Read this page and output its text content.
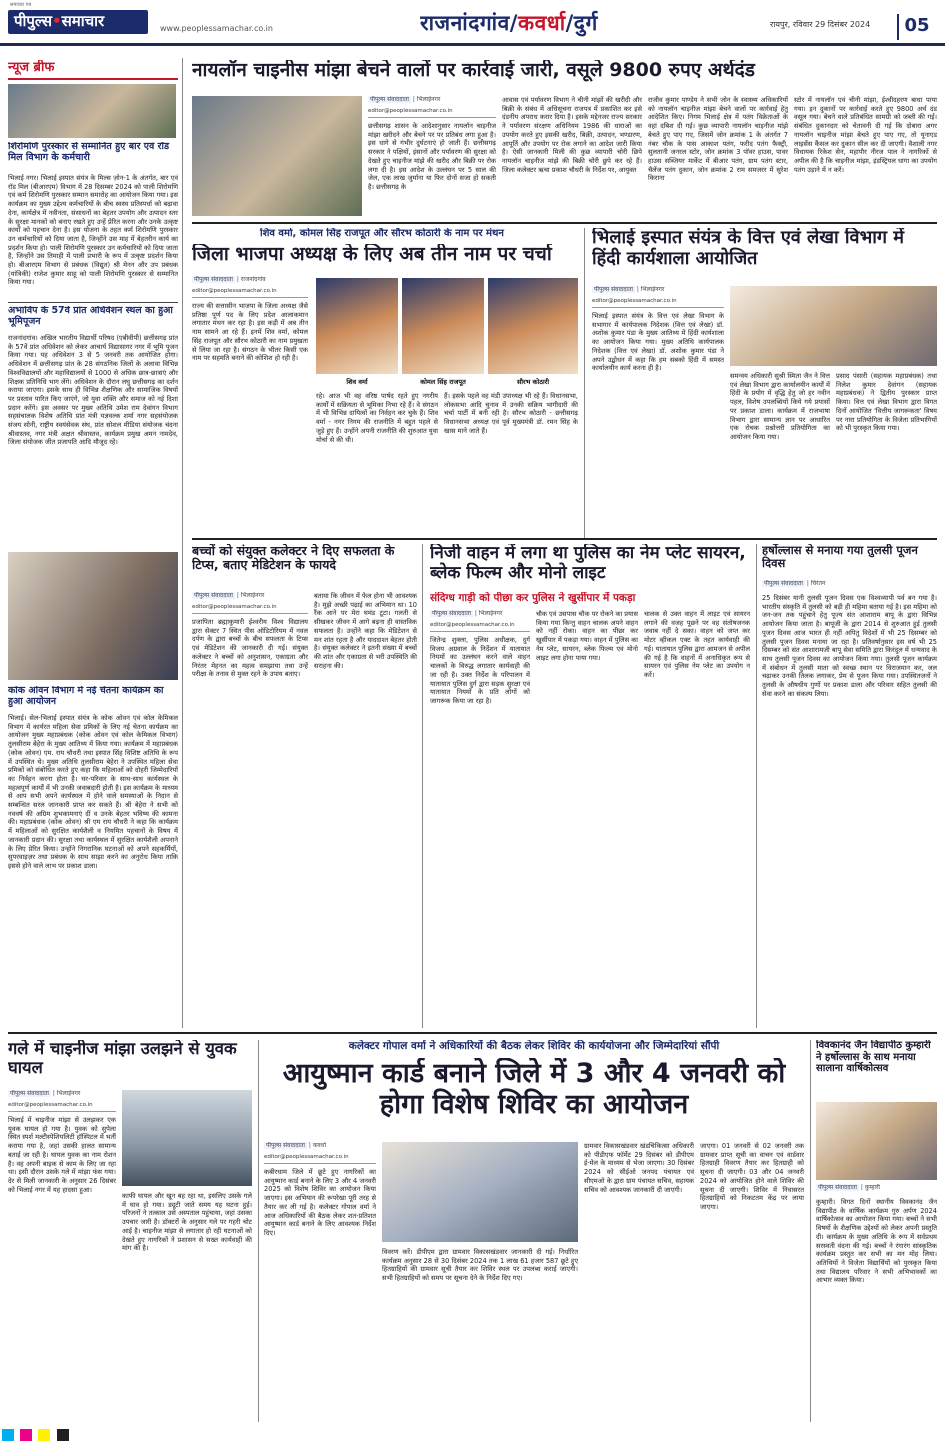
समाचार पत्र
पीपुल्स•समाचार	www.peoplessamachar.co.in	राजनांदगांव/कवर्धा/दुर्ग	रायपुर, रविवार 29 दिसंबर 2024	05
न्यूज ब्रीफ
शिरोमणि पुरस्कार से सम्मानित हुए बार एवं रॉड मिल विभाग के कर्मचारी
भिलाई नगर। भिलाई इस्पात संयंत्र के मिल्स ज़ोन-1 के अंतर्गत, बार एवं रॉड मिल (बीआरएम) विभाग में 28 दिसम्बर 2024 को पाली शिरोमणि एवं कर्म शिरोमणि पुरस्कार सम्मान समारोह का आयोजन किया गया। इस कार्यक्रम का मुख्य उद्देश्य कर्मचारियों के बीच स्वस्थ प्रतिस्पर्धा को बढ़ावा देना, कार्यक्षेत्र में नवीनता, संसाधनों का बेहतर उपयोग और उत्पादन स्तर के सुरक्षा मानकों को बनाए रखते हुए उन्हें प्रेरित करना और उनके उत्कृष्ट कार्यों को पहचान देना है। इस योजना के तहत कर्म शिरोमणि पुरस्कार उन कर्मचारियों को दिया जाता है, जिन्होंने उस माह में बेहतरीन कार्य का प्रदर्शन किया हो। पाली शिरोमणि पुरस्कार उन कर्मचारियों को दिया जाता है, जिन्होंने उस तिमाही में पाली प्रभारी के रूप में उत्कृष्ट प्रदर्शन किया हो। बीआरएम विभाग से प्रबंधक (विद्युत) श्री मेनन और उप प्रबंधक (यांत्रिकी) राजेश कुमार साहू को पाली शिरोमणि पुरस्कार से सम्मानित किया गया।
अभाविप के 57वें प्रांत अधिवेशन स्थल का हुआ भूमिपूजन
राजनांदगांव। अखिल भारतीय विद्यार्थी परिषद (एबीवीपी) छत्तीसगढ़ प्रांत के 57वें प्रांत अधिवेशन को लेकर आचार्य विद्यासागर नगर में भूमि पूजन किया गया। यह अधिवेशन 3 से 5 जनवरी तक आयोजित होगा। अधिवेशन में छत्तीसगढ़ प्रांत के 28 संगठनिक जिलों के अलावा विभिन्न विश्वविद्यालयों और महाविद्यालयों से 1000 से अधिक छात्र-छात्राएं और शिक्षक प्रतिनिधि भाग लेंगे। अधिवेशन के दौरान लघु छत्तीसगढ़ का दर्शन कराया जाएगा। इसके साथ ही विभिन्न शैक्षणिक और सामाजिक विषयों पर प्रस्ताव पारित किए जाएंगे, जो युवा शक्ति और समाज को नई दिशा प्रदान करेंगे। इस अवसर पर मुख्य अतिथि उमेश राम देवांगन विभाग सहसंचालक विशेष अतिथि प्रांत मंत्री यज्ञवल्क शर्मा नगर सहसंयोजक संजय सोनी, राष्ट्रीय स्वयंसेवक संघ, प्रांत सोशल मीडिया संयोजक चंदना श्रीवास्तव, नगर मंत्री अक्षत श्रीवास्तव, कार्यक्रम प्रमुख अमन नामदेव, जिला संयोजक जीत प्रजापति आदि मौजूद रहे।
कोक ओवन विभाग में नई चेतना कार्यक्रम का हुआ आयोजन
भिलाई। सेल-भिलाई इस्पात संयंत्र के कोक ओवन एवं कोल केमिकल विभाग में कार्यरत महिला सेवा प्रमिकों के लिए नई चेतना कार्यक्रम का आयोजन मुख्य महाप्रबंधक (कोक ओवन एवं कोल केमिकल विभाग) तुलसीराम बेहेरा के मुख्य आतिथ्य में किया गया। कार्यक्रम में महाप्रबंधक (कोक ओवन) एम. राय चौधरी तथा इस्पात सिंह विशिष्ट अतिथि के रूप में उपस्थित थे। मुख्य अतिथि तुलसीराम बेहेरा ने उपस्थित महिला सेवा प्रमिकों को संबोधित करते हुए कहा कि महिलाओं को दोहरी जिम्मेदारियों का निर्वहन करना होता है। घर-परिवार के साथ-साथ कार्यस्थल के महत्वपूर्ण कार्यों में भी उनकी जवाबदारी होती है। इस कार्यक्रम के माध्यम से आप सभी अपने कार्यस्थल में होने वाले समस्याओं के निदान से सम्बन्धित सरल जानकारी प्राप्त कर सकते हैं। श्री बेहेरा ने सभी को नववर्ष की अग्रिम शुभकामनाएं दीं व उनके बेहतर भविष्य की कामना की। महाप्रबंधक (कोक ओवन) श्री एम राय चौधरी ने कहा कि कार्यक्रम में महिलाओं को सुरक्षित कार्यशैली व नियमित पहचानों के विषय में जानकारी प्रदान की। सुरक्षा तथा कार्यस्थल में सुरक्षित कार्यशैली अपनाने के लिए प्रेरित किया। उन्होंने निगरानिक घटनाओं को अपने सहकर्मियों, सुपरवाइज़र तथा प्रबंधक के साथ साझा करने का अनुरोध किया ताकि इससे होने वाले लाभ पर प्रकाश डाला।
नायलॉन चाइनीस मांझा बेचने वालों पर कार्रवाई जारी, वसूले 9800 रुपए अर्थदंड
पीपुल्स संवाददाता | भिलाईनगर
editor@peoplessamachar.co.in
छत्तीसगढ़ शासन के आदेशानुसार नायलॉन चाइनीज मांझा खरीदने और बेचने पर पर प्रतिबंध लगा हुआ है। इस धागे से गंभीर दुर्घटनाएं हो जाती हैं। छत्तीसगढ़ सरकार ने पक्षियों, इंसानों और पर्यावरण की सुरक्षा को देखते हुए चाइनीज मांझे की खरीद और बिक्री पर रोक लगा दी है। इस आदेश के उल्लंघन पर 5 साल की जेल, एक लाख जुर्माना या फिर दोनों सजा हो सकती है। छत्तीसगढ़ के
आवास एवं पर्यावरण विभाग ने चीनी मांझों की खरीदी और बिक्री के संबंध में अधिसूचना राजपत्र में प्रकाशित कर इसे दंडनीय अपराध करार दिया है। इसके मद्देनजर राज्य सरकार ने पर्यावरण संरक्षण अधिनियम 1986 की धाराओं का उपयोग करते हुए इसकी खरीद, बिक्री, उत्पादन, भण्डारण, आपूर्ति और उपयोग पर रोक लगाने का आदेश जारी किया है। ऐसी जानकारी मिली की कुछ व्यापारी चोरी छिपे नायलॉन चाइनीज मांझे की बिक्री चोरी छुपे कर रहे हैं। जिला कलेक्टर ऋचा प्रकाश चौधरी के निर्देश पर, आयुक्त
राजीव कुमार पाण्डेय ने सभी जोन के स्वास्थ्य अधिकारियों को नायलॉन चाइनीज मांझा बेचने वालों पर कार्रवाई हेतु आदेशित किए। निगम भिलाई क्षेत्र में पतंग विक्रेताओं के वहां दबिश दी गई। कुछ व्यापारी नायलॉन चाइनीज मांझे बेचते हुए पाए गए, जिसमें जोन क्रमांक 1 के अंतर्गत 7 नंबर चौक के पास आकाश पतंग, फरीद पतंग फैक्ट्री, सुलतानी जनरल स्टोर, जोन क्रमांक 3 पॉवर हाउस, पावर हाउस सब्जियर मार्केट में बीआर पतंग, ग्राम पतंग स्टार, चैलेंज पतंग दुकान, जोन क्रमांक 2 राम समजरर में सुरेश किराना
स्टोर में नायलॉन एवं चीनी मांझा, ईश्वीदहरण बाधा पाया गया। इन दुकानों पर कार्रवाई करते हुए 9800 अर्थ दंड वसूल गया। बेचने वाले प्रतिबंधित सामग्री को जब्ती की गई। संबंधित दुकानदार को चेतावनी दी गई कि दोबारा अगर नायलॉन चाइनीज मांझा बेचते हुए पाए गए, तो यूनाएड लाइसेंस कैंसल कर दुकान सील कर दी जाएगी। वैशाली नगर विधायक रिकेश सेन, महापौर नीरज पाल ने नागरिकों से अपील की है कि चाइनीज मांझा, इंडस्ट्रियल धागा का उपयोग पतंग उड़ाने में न करें।
शिव वर्मा, कोमल सिंह राजपूत और सौरभ कोठारी के नाम पर मंथन
जिला भाजपा अध्यक्ष के लिए अब तीन नाम पर चर्चा
पीपुल्स संवाददाता | राजनांदगांव
editor@peoplessamachar.co.in
राज्य की सत्तासीन भाजपा के जिला अध्यक्ष जैसे प्रतिष्ठा पूर्ण पद के लिए प्रदेश आलाकमान लगातार मंथन कर रहा है। इस कड़ी में अब तीन नाम सामने आ रहे हैं। इनमें शिव वर्मा, कोमल सिंह राजपूत और सौरभ कोठारी का नाम प्रमुखता से लिया जा रहा है। संगठन के भीतर किसी एक नाम पर सहमति बनाने की कोशिश हो रही है।
शिव वर्मा	कोमल सिंह राजपूत	सौरभ कोठारी
रहे। आज भी वह वरिष्ठ पार्षद रहते हुए नगरीय कार्यों में सक्रियता से भूमिका निभा रहे हैं। वे संगठन में भी विभिन्न दायित्वों का निर्वहन कर चुके हैं। शिव वर्मा - नगर निगम की राजनीति में बहुत पहले से जुड़े हुए हैं। उन्होंने अपनी राजनीति की शुरुआत युवा मोर्चा से की थी।
हैं। इसके पहले वह मंडी उपाध्यक्ष भी रहे हैं। विधानसभा, लोकसभा आदि चुनाव में उनकी सक्रिय भागीदारी की चर्चा पार्टी में बनी रही है। सौरभ कोठारी - छत्तीसगढ़ विधानसभा अध्यक्ष एवं पूर्व मुख्यमंत्री डॉ. रमन सिंह के खास माने जाते हैं।
भिलाई इस्पात संयंत्र के वित्त एवं लेखा विभाग में हिंदी कार्यशाला आयोजित
पीपुल्स संवाददाता | भिलाईनगर
editor@peoplessamachar.co.in
भिलाई इस्पात संयंत्र के वित्त एवं लेखा विभाग के सभागार में कार्यपालक निदेशक (वित्त एवं लेखा) डॉ. अशोक कुमार पंडा के मुख्य आतिथ्य में हिंदी कार्यशाला का आयोजन किया गया। मुख्य अतिथि कार्यपालक निदेशक (वित्त एवं लेखा) डॉ. अशोक कुमार पंडा ने अपने उद्बोधन में कहा कि हम सबको हिंदी में समस्त कार्यालयीन कार्य करना ही है।
समन्वय अधिकारी सुश्री स्मिता जैन ने वित्त एवं लेखा विभाग द्वारा कार्यालयीन कार्यों में हिंदी के प्रयोग में वृद्धि हेतु जो हर नवीन पहल, विशेष उपलब्धियों किये गये प्रयासों पर प्रकाश डाला। कार्यक्रम में राजभाषा विभाग द्वारा सामान्य ज्ञान पर आधारित एक रोचक प्रश्नोत्तरी प्रतियोगिता का आयोजन किया गया।
प्रसाद पंसारी (सहायक महाप्रबंधक) तथा निलेश कुमार देवांगन (सहायक महाप्रबंधक) ने द्वितीय पुरस्कार प्राप्त किया। वित्त एवं लेखा विभाग द्वारा विगत दिनों आयोजित 'वित्तीय जागरूकता' विषय पर नारा प्रतियोगिता के विजेता प्रतिभागियों को भी पुरस्कृत किया गया।
बच्चों को संयुक्त कलेक्टर ने दिए सफलता के टिप्स, बताए मेडिटेशन के फायदे
पीपुल्स संवाददाता | भिलाईनगर
editor@peoplessamachar.co.in
प्रजापिता ब्रह्माकुमारी ईश्वरीय विश्व विद्यालय द्वारा सेक्टर 7 स्थित पीस ऑडिटोरियम में नवल दर्पण के द्वारा बच्चों के बीच सफलता के टिप्स एवं मेडिटेशन की जानकारी दी गई। संयुक्त कलेक्टर ने बच्चों को अनुशासन, एकाग्रता और निरंतर मेहनत का महत्व समझाया तथा उन्हें परीक्षा के तनाव से मुक्त रहने के उपाय बताए।
बताया कि जीवन में फेल होना भी आवश्यक है। मुझे अच्छी पढ़ाई का अभिमान था। 10 रैंक आने पर मेरा घमंड टूटा। गलती से सीखकर जीवन में आगे बढ़ना ही वास्तविक सफलता है। उन्होंने कहा कि मेडिटेशन से मन शांत रहता है और याददाश्त बेहतर होती है। संयुक्त कलेक्टर ने इतनी संख्या में बच्चों की शांत और एकाग्रता से भरी उपस्थिति की सराहना की।
निजी वाहन में लगा था पुलिस का नेम प्लेट सायरन, ब्लेक फिल्म और मोनो लाइट
संदिग्ध गाड़ी को पीछा कर पुलिस ने खुर्सीपार में पकड़ा
पीपुल्स संवाददाता | भिलाईनगर
editor@peoplessamachar.co.in
जितेन्द्र शुक्ला, पुलिस अधीक्षक, दुर्ग विजय अग्रवाल के निर्देशन में यातायात नियमों का उल्लंघन करने वाले वाहन चालकों के विरुद्ध लगातार कार्यवाही की जा रही है। उक्त निर्देश के परिपालन में यातायात पुलिस दुर्ग द्वारा सड़क सुरक्षा एवं यातायात नियमों के प्रति लोगों को जागरूक किया जा रहा है।
चौक एवं उसपास चौक पर रोकने का प्रयास किया गया किन्तु वाहन चालक अपने वाहन को नहीं रोका। वाहन का पीछा कर खुर्सीपार में पकड़ा गया। वाहन में पुलिस का नेम प्लेट, सायरन, ब्लेक फिल्म एवं मोनो लाइट लगा होना पाया गया।
चालक से उक्त वाहन में लाइट एवं सायरन लगाने की वजह पूछने पर वह संतोषजनक जवाब नहीं दे सका। वाहन को जप्त कर मोटर व्हीकल एक्ट के तहत कार्यवाही की गई। यातायात पुलिस द्वारा आमजन से अपील की गई है कि वाहनों में अनाधिकृत रूप से सायरन एवं पुलिस नेम प्लेट का उपयोग न करें।
हर्षोल्लास से मनाया गया तुलसी पूजन दिवस
पीपुल्स संवाददाता | चिरंतन
25 दिसंबर यानी तुलसी पूजन दिवस एक विश्वव्यापी पर्व बन गया है। भारतीय संस्कृति में तुलसी को बड़ी ही महिमा बताया गई है। इस महिमा को जन-जन तक पहुंचाने हेतु पूज्य संत आशाराम बापू के द्वारा विभिन्न आयोजन किया जाता है। बापूजी के द्वारा 2014 से शुरुआत हुई तुलसी पूजन दिवस आज भारत ही नहीं अपितु विदेशों में भी 25 दिसम्बर को तुलसी पूजन दिवस मनाया जा रहा है। प्रतिवर्षानुसार इस वर्ष भी 25 दिसम्बर को संत आशारामजी बापू सेवा समिति द्वारा किरंदुल में धन्यवाद के साथ तुलसी पूजन दिवस का आयोजन किया गया। तुलसी पूजन कार्यक्रम में संबोधन में तुलसी माता को स्वच्छ स्थान पर विराजमान कर, जल चढ़ाकर उनकी तिलक लगाकर, प्रेम से पूजन किया गया। उपस्थितजनों ने तुलसी के औषधीय गुणों पर प्रकाश डाला और परिवार सहित तुलसी की सेवा करने का संकल्प लिया।
गले में चाइनीज मांझा उलझने से युवक घायल
पीपुल्स संवाददाता | भिलाईनगर
editor@peoplessamachar.co.in
भिलाई में चाइनीज मांझा से उलझकर एक युवक घायल हो गया है। युवक को सुपेला स्थित स्पर्श मल्टीस्पेशियलिटी हॉस्पिटल में भर्ती कराया गया है, जहां उसकी हालत सामान्य बताई जा रही है। घायल युवक का नाम रोशन है। वह अपनी बाइक से काम के लिए जा रहा था। इसी दौरान उसके गले में मांझा फंस गया। देर से मिली जानकारी के अनुसार 26 दिसंबर को भिलाई नगर में यह हादसा हुआ।
काफी घायल और खून बह रहा था, इसलिए उसके गले में घाव हो गया। ड्यूटी जाते समय यह घटना हुई। परिजनों ने तत्काल उसे अस्पताल पहुंचाया, जहां उसका उपचार जारी है। डॉक्टरों के अनुसार गले पर गहरी चोट आई है। चाइनीज मांझा से लगातार हो रही घटनाओं को देखते हुए नागरिकों ने प्रशासन से सख्त कार्यवाही की मांग की है।
कलेक्टर गोपाल वर्मा ने अधिकारियों की बैठक लेकर शिविर की कार्ययोजना और जिम्मेदारियां सौंपी
आयुष्मान कार्ड बनाने जिले में 3 और 4 जनवरी को होगा विशेष शिविर का आयोजन
पीपुल्स संवाददाता | कवर्धा
editor@peoplessamachar.co.in
कबीरधाम जिले में छूटे हुए नागरिकों का आयुष्मान कार्ड बनाने के लिए 3 और 4 जनवरी 2025 को विशेष शिविर का आयोजन किया जाएगा। इस अभियान की रूपरेखा पूरी तरह से तैयार कर ली गई है। कलेक्टर गोपाल वर्मा ने आज अधिकारियों की बैठक लेकर शत-प्रतिशत आयुष्मान कार्ड बनाने के लिए आवश्यक निर्देश दिए।
विवरण करें। डीपीएम द्वारा ग्रामवार विकासखंडवार जानकारी दी गई। निर्धारित कार्यक्रम अनुसार 28 से 30 दिसंबर 2024 तक 1 लाख 61 हजार 587 छूटे हुए हितग्राहियों की ग्रामवार सूची तैयार कर शिविर स्थल पर उपलब्ध कराई जाएगी। सभी हितग्राहियों को समय पर सूचना देने के निर्देश दिए गए।
ग्रामवार विकासखंडवार खंडचिकित्सा अधिकारी को पीडीएफ फॉर्मेट 29 दिसंबर को डीपीएम ई-मेल के माध्यम से भेजा जाएगा। 30 दिसंबर 2024 को सीईओ जनपद पंचायत एवं सीएमओ के द्वारा ग्राम पंचायत सचिव, सहायक सचिव को आवश्यक जानकारी दी जाएगी।
जाएगा। 01 जनवरी से 02 जनवरी तक ग्रामवार प्राप्त सूची का वाचन एवं वार्डवार हितग्राही विवरण तैयार कर हितग्राही को सूचना दी जाएगी। 03 और 04 जनवरी 2024 को आयोजित होने वाले शिविर की सूचना दी जाएगी। शिविर में निवासरत हितग्राहियों को निकटतम केंद्र पर लाया जाएगा।
विवकानंद जैन विद्यापीठ कुम्हारी ने हर्षोल्लास के साथ मनाया सालाना वार्षिकोत्सव
पीपुल्स संवाददाता | कुम्हारी
कुम्हारी। विगत दिनों स्थानीय विवकानंद जैन विद्यापीठ के वार्षिक कार्यक्रम गुरु अर्पण 2024 वार्षिकोत्सव का आयोजन किया गया। बच्चों ने सभी विषयों के शैक्षणिक उद्देश्यों को लेकर अपनी प्रस्तुति दी। कार्यक्रम के मुख्य अतिथि के रूप में सर्वप्रथम सरस्वती वंदना की गई। बच्चों ने रंगारंग सांस्कृतिक कार्यक्रम प्रस्तुत कर सभी का मन मोह लिया। अतिथियों ने विजेता विद्यार्थियों को पुरस्कृत किया तथा विद्यालय परिवार ने सभी अभिभावकों का आभार व्यक्त किया।
